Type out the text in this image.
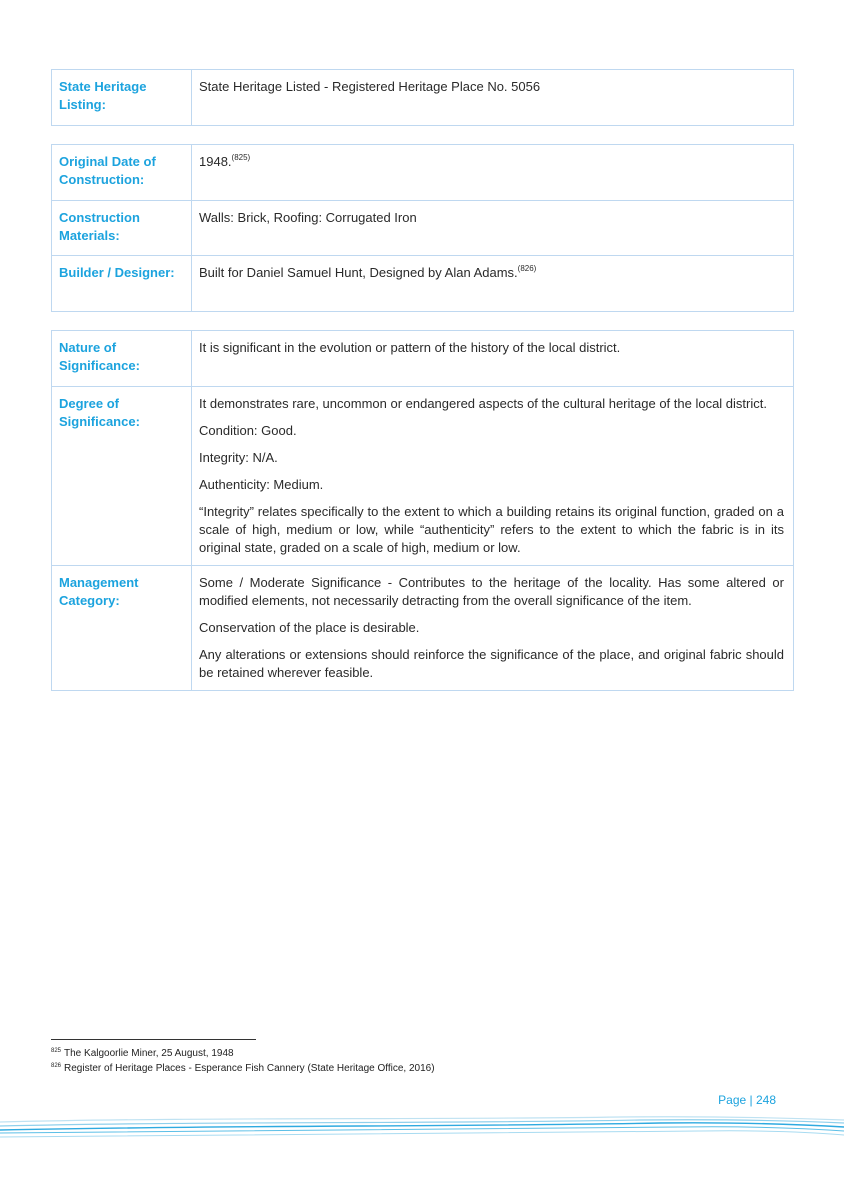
State Heritage Listing:	State Heritage Listed - Registered Heritage Place No. 5056
Original Date of Construction:	1948.$^{(825)}$
Construction Materials:	Walls: Brick, Roofing: Corrugated Iron
Builder / Designer:	Built for Daniel Samuel Hunt, Designed by Alan Adams.$^{(826)}$
Nature of Significance:	It is significant in the evolution or pattern of the history of the local district.
Degree of Significance:	It demonstrates rare, uncommon or endangered aspects of the cultural heritage of the local district.

Condition: Good.

Integrity: N/A.

Authenticity: Medium.

“Integrity” relates specifically to the extent to which a building retains its original function, graded on a scale of high, medium or low, while “authenticity” refers to the extent to which the fabric is in its original state, graded on a scale of high, medium or low.

Management Category:	Some / Moderate Significance - Contributes to the heritage of the locality. Has some altered or modified elements, not necessarily detracting from the overall significance of the item.

Conservation of the place is desirable.

Any alterations or extensions should reinforce the significance of the place, and original fabric should be retained wherever feasible.

$^{825}$ The Kalgoorlie Miner, 25 August, 1948
$^{826}$ Register of Heritage Places - Esperance Fish Cannery (State Heritage Office, 2016)
Page | 248
